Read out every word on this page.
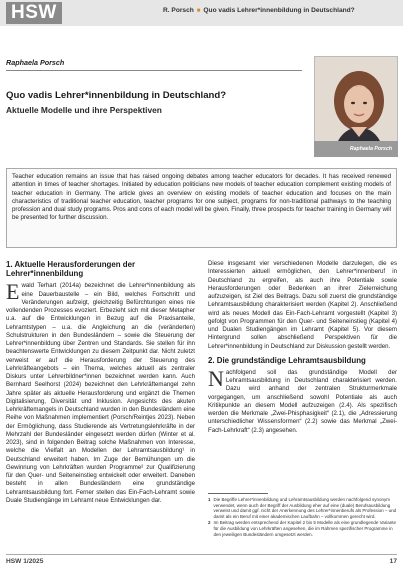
HSW	R. Porsch ■ Quo vadis Lehrer*innenbildung in Deutschland?
Raphaela Porsch
Quo vadis Lehrer*innenbildung in Deutschland?
Aktuelle Modelle und ihre Perspektiven
Raphaela Porsch
Teacher education remains an issue that has raised ongoing debates among teacher educators for decades. It has received renewed attention in times of teacher shortages. Initiated by education politicians new models of teacher education complement existing models of teacher education in Germany. The article gives an overview on existing models of teacher education and focuses on the main characteristics of traditional teacher education, teacher programs for one subject, programs for non-traditional pathways to the teaching profession and dual study programs. Pros and cons of each model will be given. Finally, three prospects for teacher training in Germany will be presented for further discussion.
1. Aktuelle Herausforderungen der
Lehrer*innenbildung

Ewald Terhart (2014a) bezeichnet die Lehrer*innenbildung als eine Dauerbaustelle – ein Bild, welches Fortschritt und Veränderungen aufzeigt, gleichzeitig Befürchtungen eines nie vollendenden Prozesses evoziert. Erbezieht sich mit dieser Metapher u.a. auf die Entwicklungen in Bezug auf die Praxisanteile, Lehramtstypen – u.a. die Angleichung an die (veränderten) Schulstrukturen in den Bundesländern – sowie die Steuerung der Lehrer*innenbildung über Zentren und Standards. Sie stellen für ihn beachtenswerte Entwicklungen zu diesem Zeitpunkt dar. Nicht zuletzt verweist er auf die Herausforderung der Steuerung des Lehrkräfteangebots – ein Thema, welches aktuell als zentraler Diskurs unter Lehrerbildner*innen bezeichnet werden kann. Auch Bernhard Seelhorst (2024) bezeichnet den Lehrkräftemangel zehn Jahre später als aktuelle Herausforderung und ergänzt die Themen Digitalisierung, Diversität und Inklusion. Angesichts des akuten Lehrkräftemangels in Deutschland wurden in den Bundesländern eine Reihe von Maßnahmen implementiert (Porsch/Reintjes 2023). Neben der Ermöglichung, dass Studierende als Vertretungslehrkräfte in der Mehrzahl der Bundesländer eingesetzt werden dürfen (Winter et al. 2023), sind in folgenden Beitrag solche Maßnahmen von Interesse, welche die Vielfalt an Modellen der Lehramtsausbildung¹ in Deutschland erweitert haben. Im Zuge der Bemühungen um die Gewinnung von Lehrkräften wurden Programme² zur Qualifizierung für den Quer- und Seiteneinstieg entwickelt oder erweitert. Daneben besteht in allen Bundesländern eine grundständige Lehramtsausbildung fort. Ferner stellen das Ein-Fach-Lehramt sowie Duale Studiengänge im Lehramt neue Entwicklungen dar.

Diese insgesamt vier verschiedenen Modelle darzulegen, die es Interessierten aktuell ermöglichen, den Lehrer*innenberuf in Deutschland zu ergreifen, als auch ihre Potentiale sowie Herausforderungen oder Bedenken an ihrer Zielerreichung aufzuzeigen, ist Ziel des Beitrags. Dazu soll zuerst die grundständige Lehramtsausbildung charakterisiert werden (Kapitel 2). Anschließend wird als neues Modell das Ein-Fach-Lehramt vorgestellt (Kapitel 3) gefolgt von Programmen für den Quer- und Seiteneinstieg (Kapitel 4) und Dualen Studiengängen im Lehramt (Kapitel 5). Vor diesem Hintergrund sollen abschließend Perspektiven für die Lehrer*innenbildung in Deutschland zur Diskussion gestellt werden.

2. Die grundständige Lehramtsausbildung

Nachfolgend soll das grundständige Modell der Lehramtsausbildung in Deutschland charakterisiert werden. Dazu wird anhand der zentralen Strukturmerkmale vorgegangen, um anschließend sowohl Potentiale als auch Kritikpunkte an diesem Modell aufzuzeigen (2.4). Als spezifisch werden die Merkmale „Zwei-Phisphasigkeit“ (2.1), die „Adressierung unterschiedlicher Wissensformen“ (2.2) sowie das Merkmal „Zwei-Fach-Lehrkraft“ (2.3) angesehen.

1 Die Begriffe Lehrer*innenbildung und Lehramtsausbildung werden nachfolgend synonym verwendet, wenn auch der Begriff der Ausbildung eher auf eine (duale) Berufsausbildung verweist und damit ggf. nicht der Anerkennung des Lehrer*innenberufs als Profession – und damit als ein Beruf mit einer akademischen Laufbahn – vollkommen gerecht wird.
2 Im Beitrag werden entsprechend der Kapitel 2 bis 5 Modelle als eine grundlegende Variante für die Ausbildung von Lehrkräften angesehen, die im Rahmen spezifischer Programme in den jeweiligen Bundesländern umgesetzt werden.
HSW 1/2025	17
